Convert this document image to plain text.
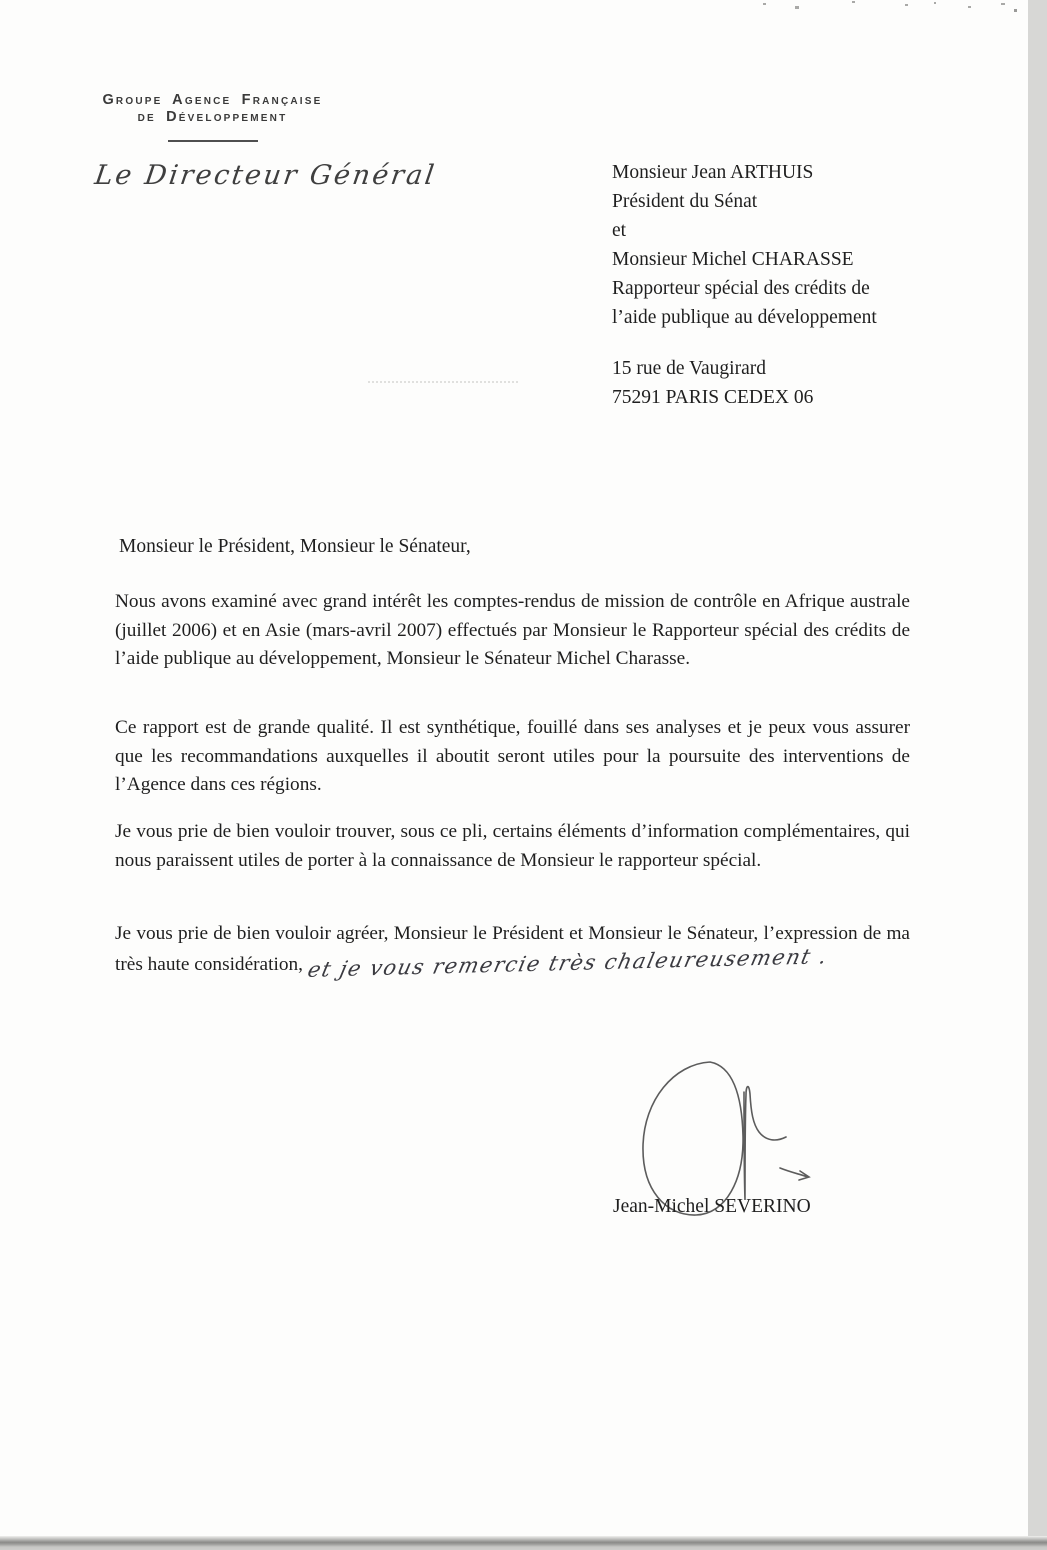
Groupe Agence Française
de Développement
Le Directeur Général	Monsieur Jean ARTHUIS
Président du Sénat
et
Monsieur Michel CHARASSE
Rapporteur spécial des crédits de
l’aide publique au développement
15 rue de Vaugirard
75291 PARIS CEDEX 06
Monsieur le Président, Monsieur le Sénateur,

Nous avons examiné avec grand intérêt les comptes-rendus de mission de contrôle en Afrique australe (juillet 2006) et en Asie (mars-avril 2007) effectués par Monsieur le Rapporteur spécial des crédits de l’aide publique au développement, Monsieur le Sénateur Michel Charasse.

Ce rapport est de grande qualité. Il est synthétique, fouillé dans ses analyses et je peux vous assurer que les recommandations auxquelles il aboutit seront utiles pour la poursuite des interventions de l’Agence dans ces régions.

Je vous prie de bien vouloir trouver, sous ce pli, certains éléments d’information complémentaires, qui nous paraissent utiles de porter à la connaissance de Monsieur le rapporteur spécial.

Je vous prie de bien vouloir agréer, Monsieur le Président et Monsieur le Sénateur, l’expression de ma très haute considération, et je vous remercie très chaleureusement .

Jean-Michel SEVERINO
